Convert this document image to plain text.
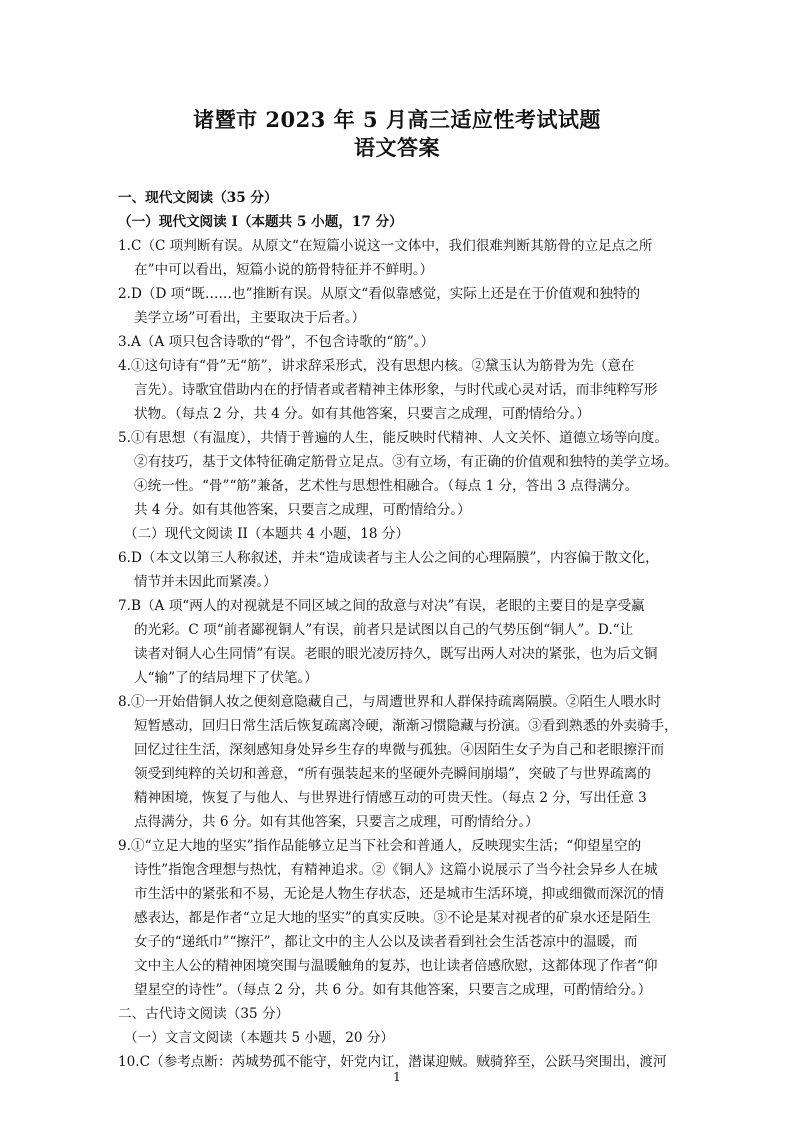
诸暨市 2023 年 5 月高三适应性考试试题
语文答案
一、现代文阅读（35 分）
（一）现代文阅读 I（本题共 5 小题，17 分）
1.C（C 项判断有误。从原文“在短篇小说这一文体中，我们很难判断其筋骨的立足点之所
在”中可以看出，短篇小说的筋骨特征并不鲜明。）
2.D（D 项“既……也”推断有误。从原文“看似靠感觉，实际上还是在于价值观和独特的
美学立场”可看出，主要取决于后者。）
3.A（A 项只包含诗歌的“骨”，不包含诗歌的“筋”。）
4.①这句诗有“骨”无“筋”，讲求辞采形式，没有思想内核。②黛玉认为筋骨为先（意在
言先）。诗歌宜借助内在的抒情者或者精神主体形象，与时代或心灵对话，而非纯粹写形
状物。（每点 2 分，共 4 分。如有其他答案，只要言之成理，可酌情给分。）
5.①有思想（有温度），共情于普遍的人生，能反映时代精神、人文关怀、道德立场等向度。
②有技巧，基于文体特征确定筋骨立足点。③有立场，有正确的价值观和独特的美学立场。
④统一性。“骨”“筋”兼备，艺术性与思想性相融合。（每点 1 分，答出 3 点得满分。
共 4 分。如有其他答案，只要言之成理，可酌情给分。）
（二）现代文阅读 II（本题共 4 小题，18 分）
6.D（本文以第三人称叙述，并未“造成读者与主人公之间的心理隔膜”，内容偏于散文化，
情节并未因此而紧凑。）
7.B（A 项“两人的对视就是不同区域之间的敌意与对决”有误，老眼的主要目的是享受赢
的光彩。C 项“前者鄙视铜人”有误，前者只是试图以自己的气势压倒“铜人”。D.“让
读者对铜人心生同情”有误。老眼的眼光凌厉持久，既写出两人对决的紧张，也为后文铜
人“输”了的结局埋下了伏笔。）
8.①一开始借铜人妆之便刻意隐藏自己，与周遭世界和人群保持疏离隔膜。②陌生人喂水时
短暂感动，回归日常生活后恢复疏离冷硬，渐渐习惯隐藏与扮演。③看到熟悉的外卖骑手，
回忆过往生活，深刻感知身处异乡生存的卑微与孤独。④因陌生女子为自己和老眼擦汗而
领受到纯粹的关切和善意，“所有强装起来的坚硬外壳瞬间崩塌”，突破了与世界疏离的
精神困境，恢复了与他人、与世界进行情感互动的可贵天性。（每点 2 分，写出任意 3
点得满分，共 6 分。如有其他答案，只要言之成理，可酌情给分。）
9.①“立足大地的坚实”指作品能够立足当下社会和普通人，反映现实生活；“仰望星空的
诗性”指饱含理想与热忱，有精神追求。②《铜人》这篇小说展示了当今社会异乡人在城
市生活中的紧张和不易，无论是人物生存状态，还是城市生活环境，抑或细微而深沉的情
感表达，都是作者“立足大地的坚实”的真实反映。③不论是某对视者的矿泉水还是陌生
女子的“递纸巾”“擦汗”，都让文中的主人公以及读者看到社会生活苍凉中的温暖，而
文中主人公的精神困境突围与温暖触角的复苏，也让读者倍感欣慰，这都体现了作者“仰
望星空的诗性”。（每点 2 分，共 6 分。如有其他答案，只要言之成理，可酌情给分。）
二、古代诗文阅读（35 分）
（一）文言文阅读（本题共 5 小题，20 分）
10.C（参考点断：芮城势孤不能守，奸党内讧，潜谋迎贼。贼骑猝至，公跃马突围出，渡河
1
